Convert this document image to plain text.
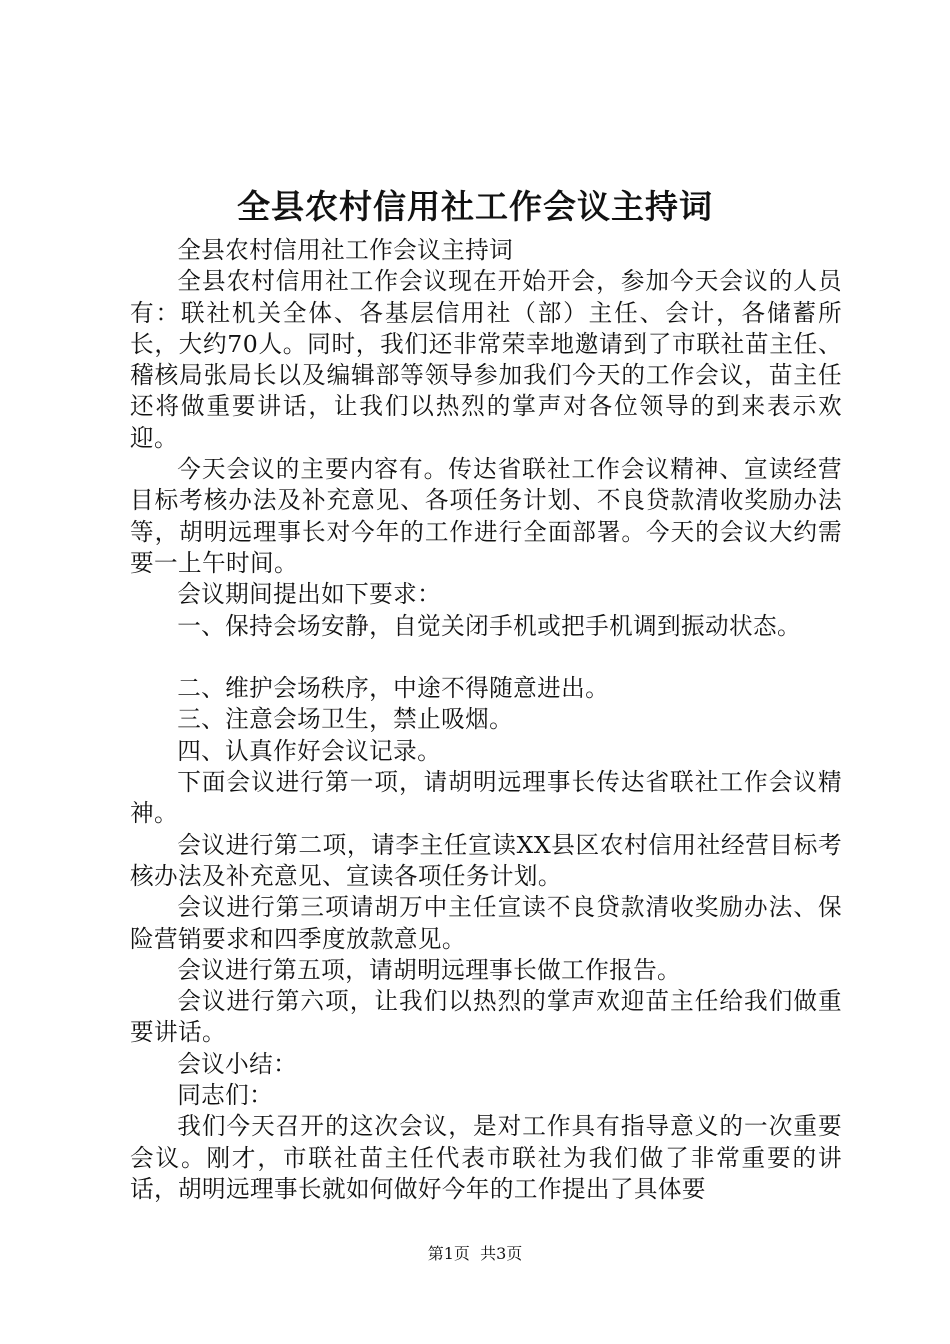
全县农村信用社工作会议主持词

全县农村信用社工作会议主持词

全县农村信用社工作会议现在开始开会，参加今天会议的人员有：联社机关全体、各基层信用社（部）主任、会计，各储蓄所长，大约70人。同时，我们还非常荣幸地邀请到了市联社苗主任、稽核局张局长以及编辑部等领导参加我们今天的工作会议，苗主任还将做重要讲话，让我们以热烈的掌声对各位领导的到来表示欢迎。

今天会议的主要内容有。传达省联社工作会议精神、宣读经营目标考核办法及补充意见、各项任务计划、不良贷款清收奖励办法等，胡明远理事长对今年的工作进行全面部署。今天的会议大约需要一上午时间。

会议期间提出如下要求：

一、保持会场安静，自觉关闭手机或把手机调到振动状态。

二、维护会场秩序，中途不得随意进出。

三、注意会场卫生，禁止吸烟。

四、认真作好会议记录。

下面会议进行第一项，请胡明远理事长传达省联社工作会议精神。

会议进行第二项，请李主任宣读XX县区农村信用社经营目标考核办法及补充意见、宣读各项任务计划。

会议进行第三项请胡万中主任宣读不良贷款清收奖励办法、保险营销要求和四季度放款意见。

会议进行第五项，请胡明远理事长做工作报告。

会议进行第六项，让我们以热烈的掌声欢迎苗主任给我们做重要讲话。

会议小结：

同志们：

我们今天召开的这次会议，是对工作具有指导意义的一次重要会议。刚才，市联社苗主任代表市联社为我们做了非常重要的讲话，胡明远理事长就如何做好今年的工作提出了具体要

第1页 共3页
